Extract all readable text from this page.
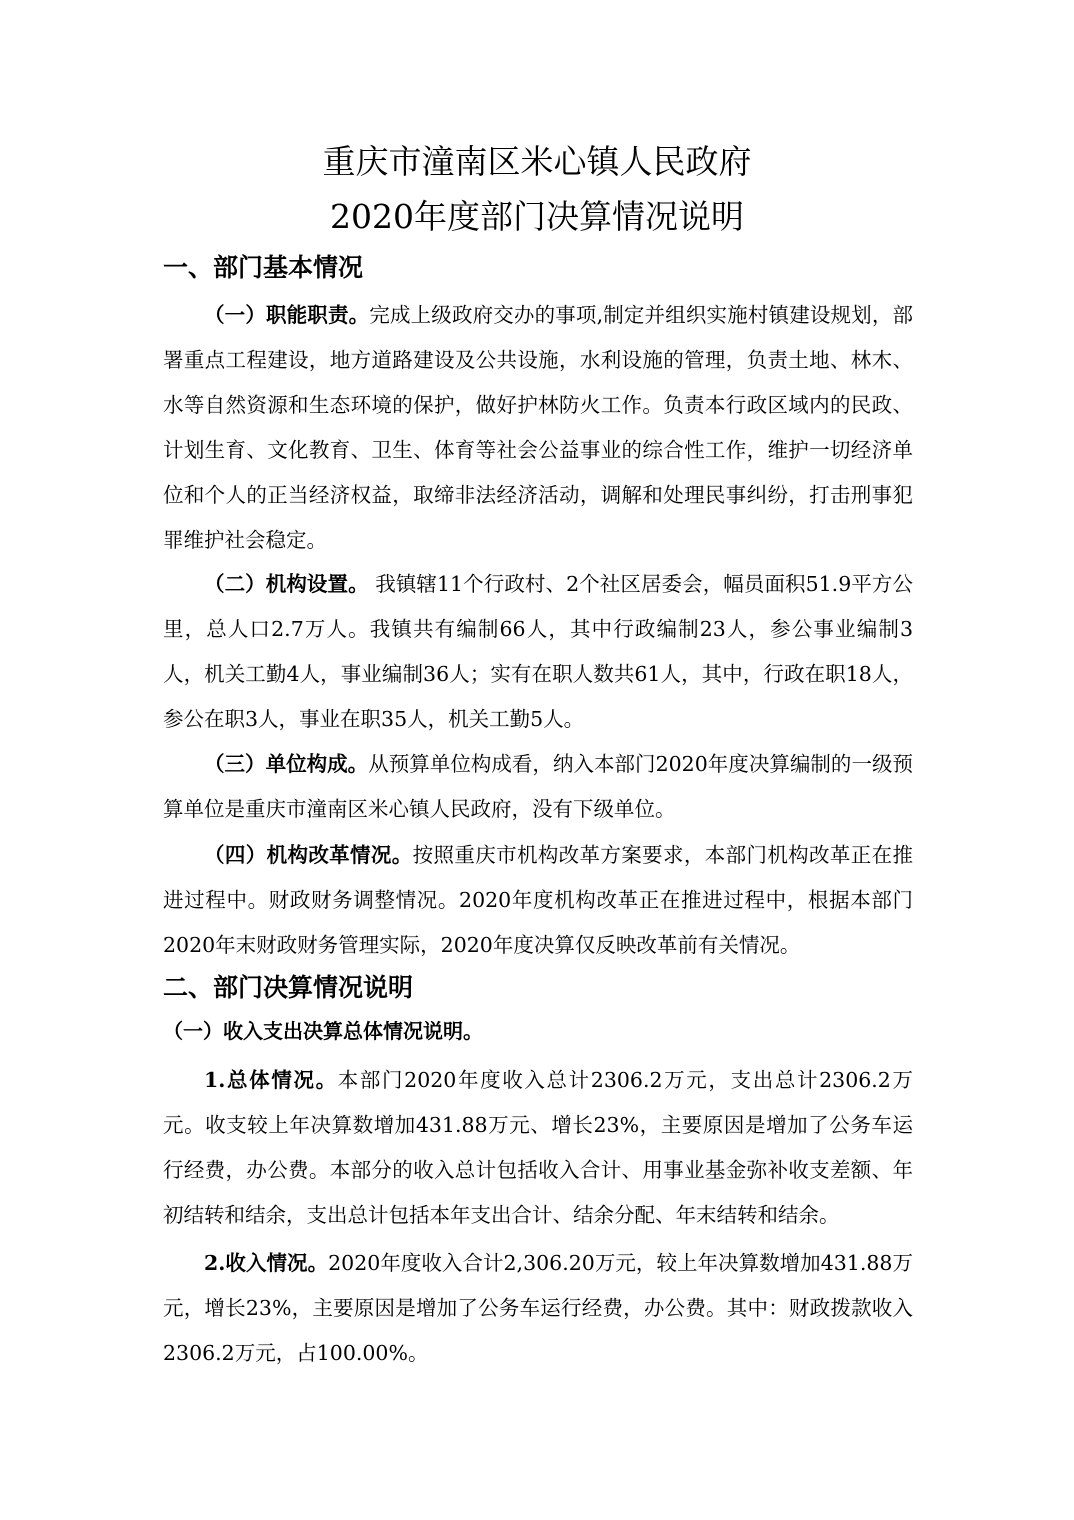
重庆市潼南区米心镇人民政府
2020年度部门决算情况说明
一、部门基本情况

（一）职能职责。完成上级政府交办的事项,制定并组织实施村镇建设规划，部署重点工程建设，地方道路建设及公共设施，水利设施的管理，负责土地、林木、水等自然资源和生态环境的保护，做好护林防火工作。负责本行政区域内的民政、计划生育、文化教育、卫生、体育等社会公益事业的综合性工作，维护一切经济单位和个人的正当经济权益，取缔非法经济活动，调解和处理民事纠纷，打击刑事犯罪维护社会稳定。

（二）机构设置。 我镇辖11个行政村、2个社区居委会，幅员面积51.9平方公里，总人口2.7万人。我镇共有编制66人，其中行政编制23人，参公事业编制3人，机关工勤4人，事业编制36人；实有在职人数共61人，其中，行政在职18人，参公在职3人，事业在职35人，机关工勤5人。

（三）单位构成。从预算单位构成看，纳入本部门2020年度决算编制的一级预算单位是重庆市潼南区米心镇人民政府，没有下级单位。

（四）机构改革情况。按照重庆市机构改革方案要求，本部门机构改革正在推进过程中。财政财务调整情况。2020年度机构改革正在推进过程中，根据本部门2020年末财政财务管理实际，2020年度决算仅反映改革前有关情况。

二、部门决算情况说明
（一）收入支出决算总体情况说明。

1.总体情况。本部门2020年度收入总计2306.2万元，支出总计2306.2万元。收支较上年决算数增加431.88万元、增长23%，主要原因是增加了公务车运行经费，办公费。本部分的收入总计包括收入合计、用事业基金弥补收支差额、年初结转和结余，支出总计包括本年支出合计、结余分配、年末结转和结余。

2.收入情况。2020年度收入合计2,306.20万元，较上年决算数增加431.88万元，增长23%，主要原因是增加了公务车运行经费，办公费。其中：财政拨款收入2306.2万元，占100.00%。
